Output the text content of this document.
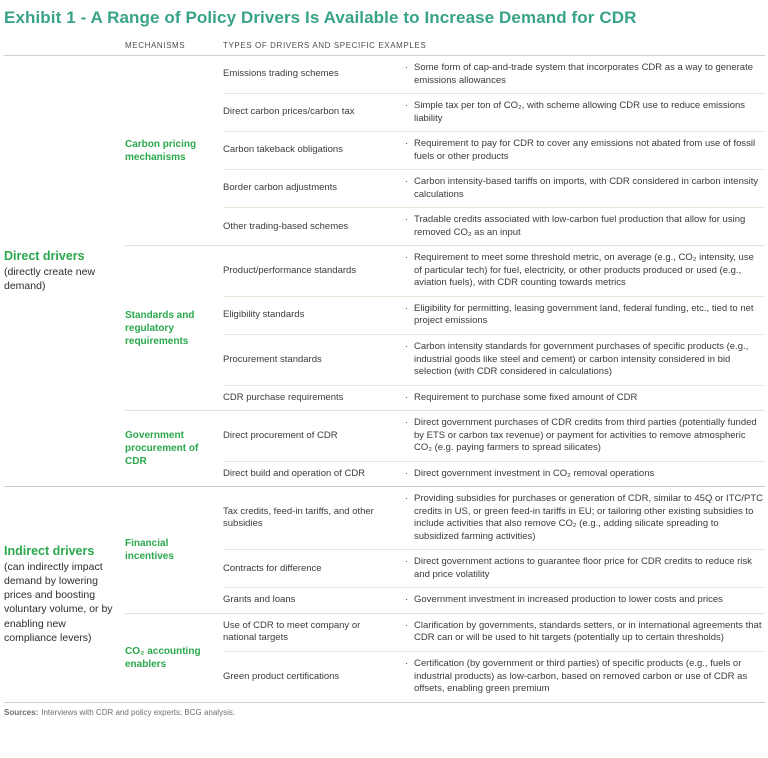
Exhibit 1 - A Range of Policy Drivers Is Available to Increase Demand for CDR
MECHANISMS	TYPES OF DRIVERS AND SPECIFIC EXAMPLES
Direct drivers
(directly create new demand)
Carbon pricing mechanisms
Emissions trading schemes
· Some form of cap-and-trade system that incorporates CDR as a way to generate emissions allowances
Direct carbon prices/carbon tax
· Simple tax per ton of CO₂, with scheme allowing CDR use to reduce emissions liability
Carbon takeback obligations
· Requirement to pay for CDR to cover any emissions not abated from use of fossil fuels or other products
Border carbon adjustments
· Carbon intensity-based tariffs on imports, with CDR considered in carbon intensity calculations
Other trading-based schemes
· Tradable credits associated with low-carbon fuel production that allow for using removed CO₂ as an input
Standards and regulatory requirements
Product/performance standards
· Requirement to meet some threshold metric, on average (e.g., CO₂ intensity, use of particular tech) for fuel, electricity, or other products produced or used (e.g., aviation fuels), with CDR counting towards metrics
Eligibility standards
· Eligibility for permitting, leasing government land, federal funding, etc., tied to net project emissions
Procurement standards
· Carbon intensity standards for government purchases of specific products (e.g., industrial goods like steel and cement) or carbon intensity considered in bid selection (with CDR considered in calculations)
CDR purchase requirements	· Requirement to purchase some fixed amount of CDR
Government procurement of CDR
Direct procurement of CDR
· Direct government purchases of CDR credits from third parties (potentially funded by ETS or carbon tax revenue) or payment for activities to remove atmospheric CO₂ (e.g. paying farmers to spread silicates)
Direct build and operation of CDR	· Direct government investment in CO₂ removal operations
Indirect drivers
(can indirectly impact demand by lowering prices and boosting voluntary volume, or by enabling new compliance levers)
Financial incentives
Tax credits, feed-in tariffs, and other subsidies
· Providing subsidies for purchases or generation of CDR, similar to 45Q or ITC/PTC credits in US, or green feed-in tariffs in EU; or tailoring other existing subsidies to include activities that also remove CO₂ (e.g., adding silicate spreading to subsidized farming activities)
Contracts for difference
· Direct government actions to guarantee floor price for CDR credits to reduce risk and price volatility
Grants and loans	· Government investment in increased production to lower costs and prices
CO₂ accounting enablers
Use of CDR to meet company or national targets
· Clarification by governments, standards setters, or in international agreements that CDR can or will be used to hit targets (potentially up to certain thresholds)
Green product certifications
· Certification (by government or third parties) of specific products (e.g., fuels or industrial products) as low-carbon, based on removed carbon or use of CDR as offsets, enabling green premium
Sources: Interviews with CDR and policy experts; BCG analysis.
